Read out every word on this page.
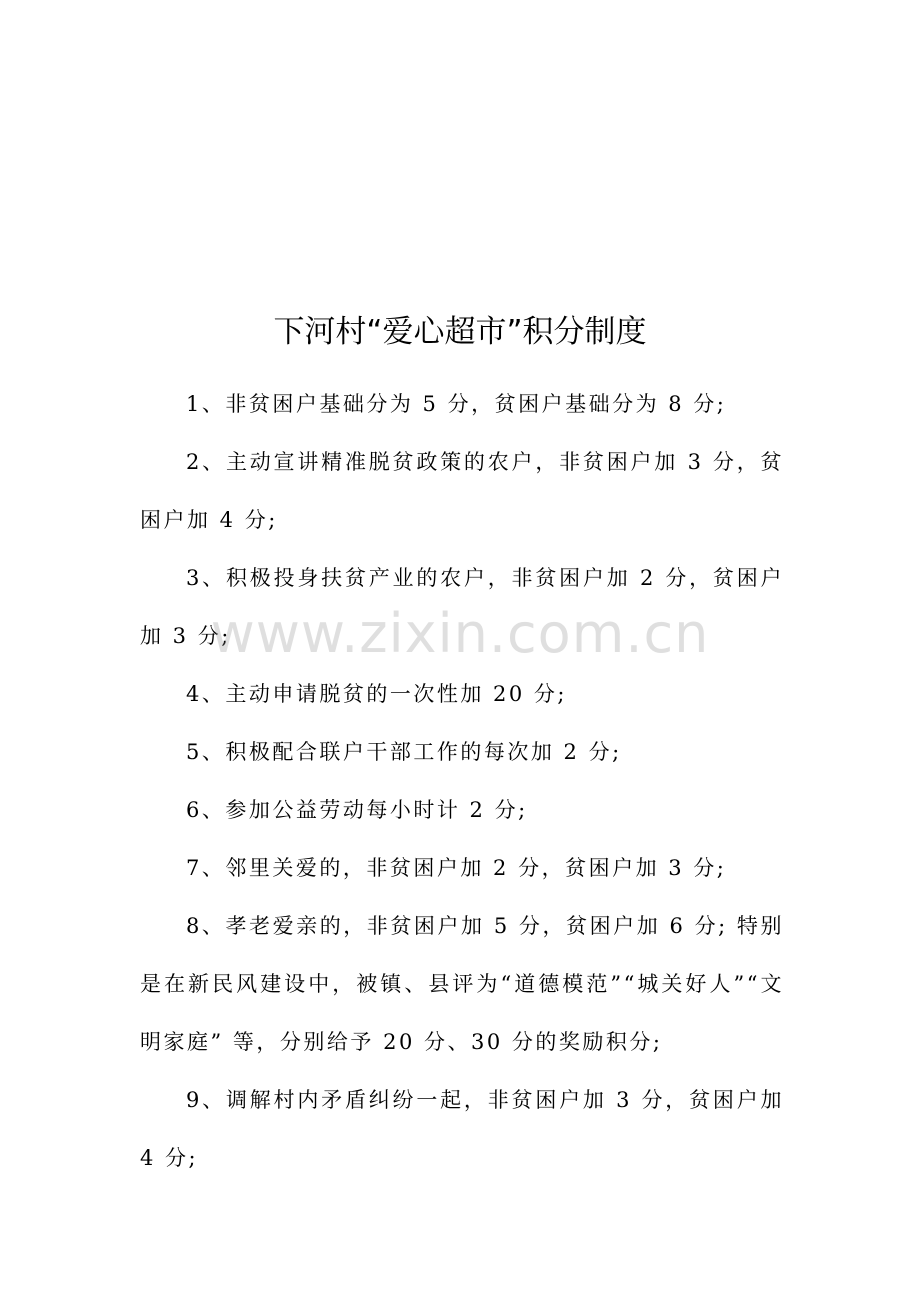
下河村“爱心超市”积分制度

1、非贫困户基础分为 5 分，贫困户基础分为 8 分;

2、主动宣讲精准脱贫政策的农户，非贫困户加 3 分，贫困户加 4 分;

3、积极投身扶贫产业的农户，非贫困户加 2 分，贫困户加 3 分;

4、主动申请脱贫的一次性加 20 分;

5、积极配合联户干部工作的每次加 2 分;

6、参加公益劳动每小时计 2 分;

7、邻里关爱的，非贫困户加 2 分，贫困户加 3 分;

8、孝老爱亲的，非贫困户加 5 分，贫困户加 6 分; 特别是在新民风建设中，被镇、县评为“道德模范”“城关好人”“文明家庭” 等，分别给予 20 分、30 分的奖励积分;

9、调解村内矛盾纠纷一起，非贫困户加 3 分，贫困户加 4 分;

www.zixin.com.cn
